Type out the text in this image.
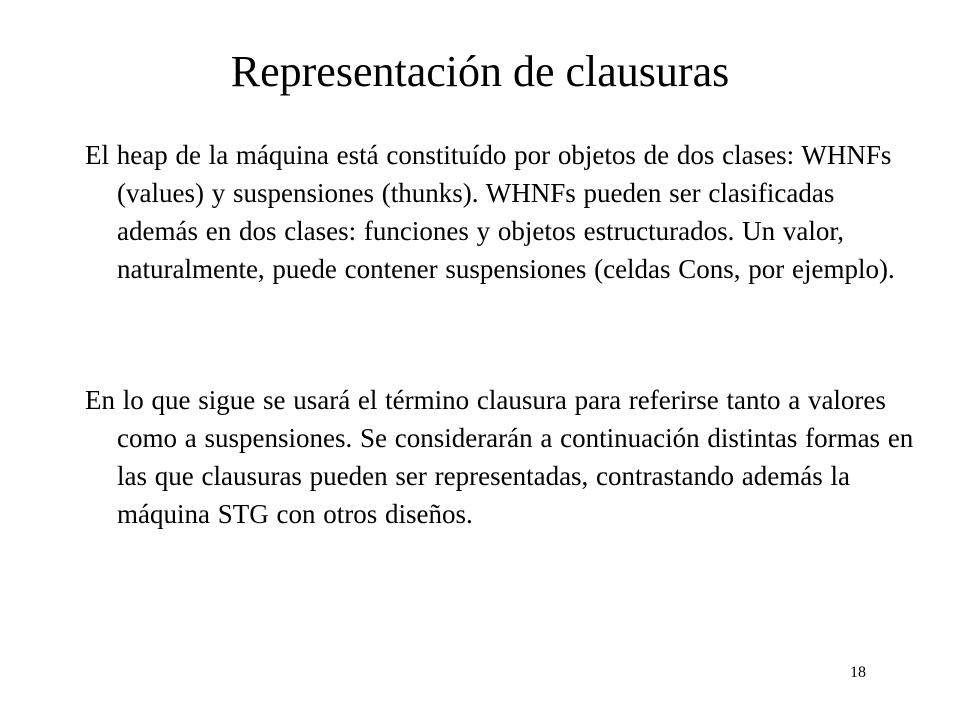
Representación de clausuras

El heap de la máquina está constituído por objetos de dos clases: WHNFs (values) y suspensiones (thunks). WHNFs pueden ser clasificadas además en dos clases: funciones y objetos estructurados. Un valor, naturalmente, puede contener suspensiones (celdas Cons, por ejemplo).

En lo que sigue se usará el término clausura para referirse tanto a valores como a suspensiones. Se considerarán a continuación distintas formas en las que clausuras pueden ser representadas, contrastando además la máquina STG con otros diseños.

18
